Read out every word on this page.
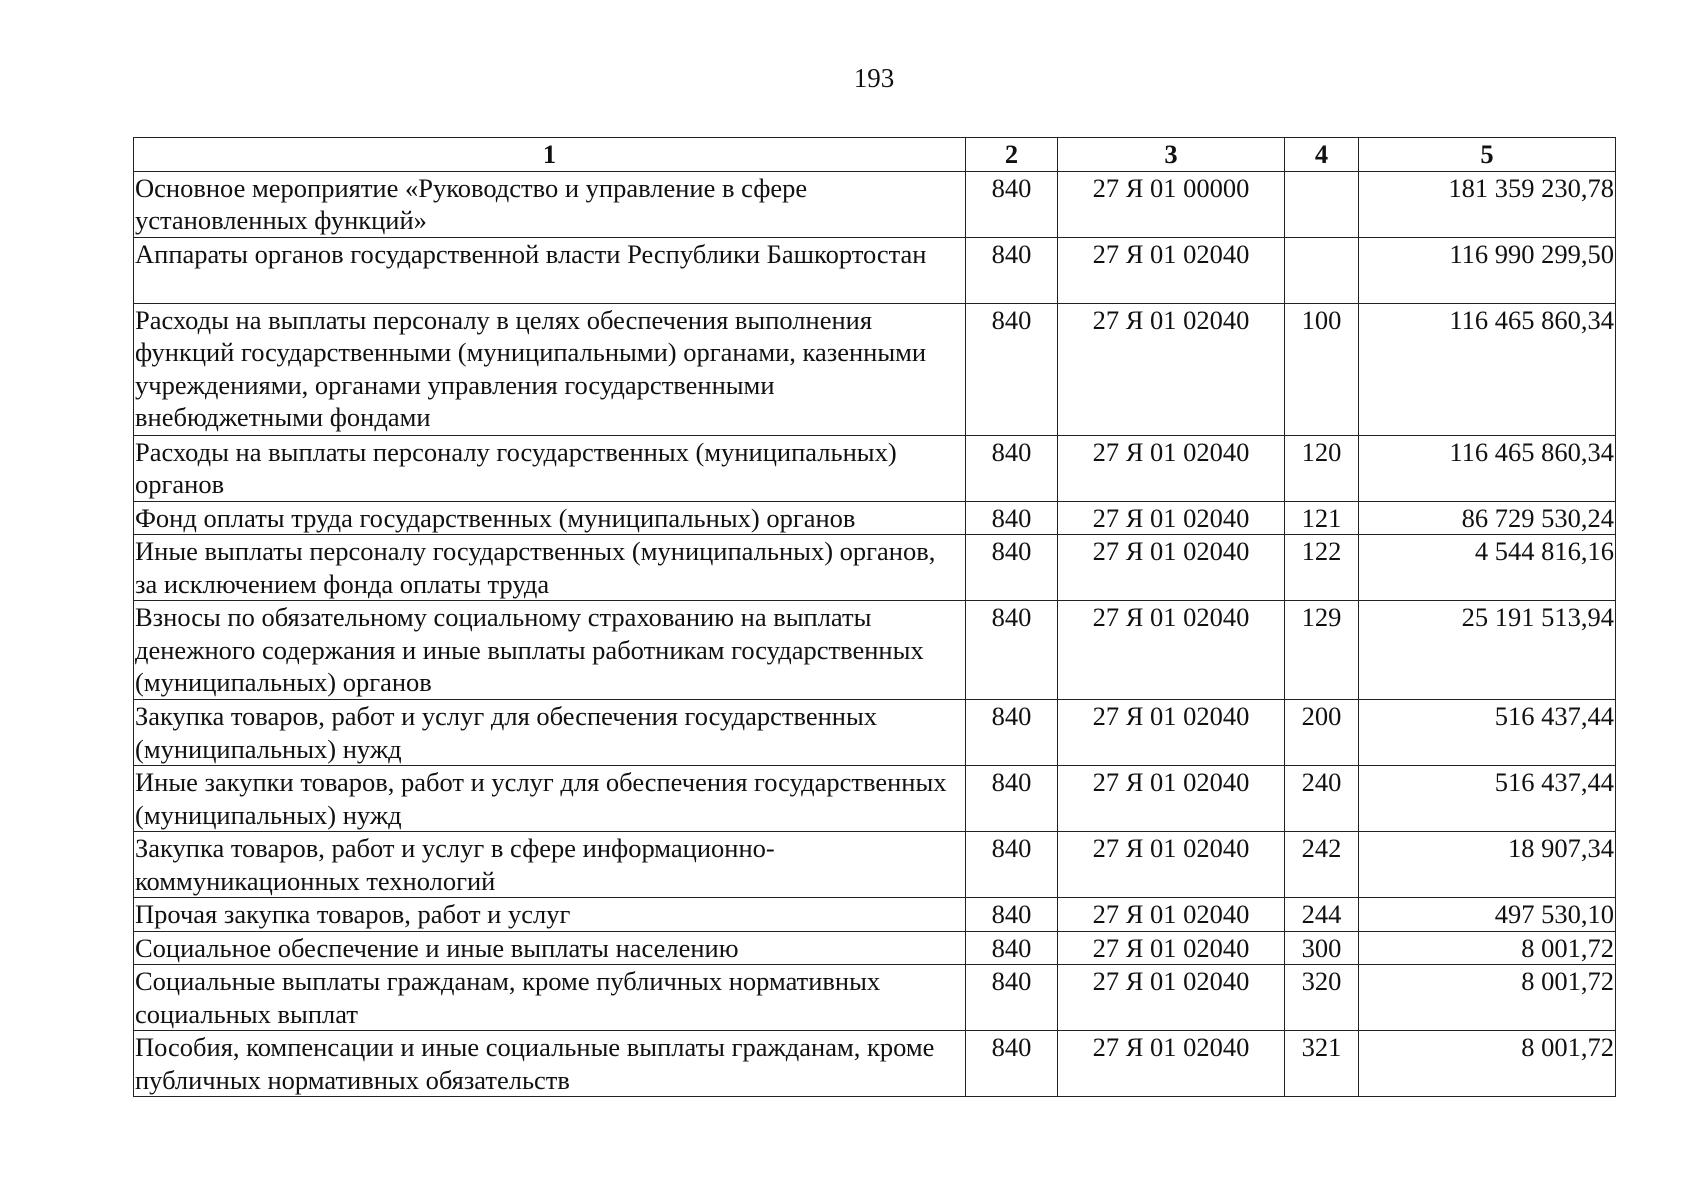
193
1	2	3	4	5
Основное мероприятие «Руководство и управление в сфере установленных функций»	840	27 Я 01 00000		181 359 230,78
Аппараты органов государственной власти Республики Башкортостан	840	27 Я 01 02040		116 990 299,50
Расходы на выплаты персоналу в целях обеспечения выполнения функций государственными (муниципальными) органами, казенными учреждениями, органами управления государственными внебюджетными фондами	840	27 Я 01 02040	100	116 465 860,34
Расходы на выплаты персоналу государственных (муниципальных) органов	840	27 Я 01 02040	120	116 465 860,34
Фонд оплаты труда государственных (муниципальных) органов	840	27 Я 01 02040	121	86 729 530,24
Иные выплаты персоналу государственных (муниципальных) органов, за исключением фонда оплаты труда	840	27 Я 01 02040	122	4 544 816,16
Взносы по обязательному социальному страхованию на выплаты денежного содержания и иные выплаты работникам государственных (муниципальных) органов	840	27 Я 01 02040	129	25 191 513,94
Закупка товаров, работ и услуг для обеспечения государственных (муниципальных) нужд	840	27 Я 01 02040	200	516 437,44
Иные закупки товаров, работ и услуг для обеспечения государственных (муниципальных) нужд	840	27 Я 01 02040	240	516 437,44
Закупка товаров, работ и услуг в сфере информационно-коммуникационных технологий	840	27 Я 01 02040	242	18 907,34
Прочая закупка товаров, работ и услуг	840	27 Я 01 02040	244	497 530,10
Социальное обеспечение и иные выплаты населению	840	27 Я 01 02040	300	8 001,72
Социальные выплаты гражданам, кроме публичных нормативных социальных выплат	840	27 Я 01 02040	320	8 001,72
Пособия, компенсации и иные социальные выплаты гражданам, кроме публичных нормативных обязательств	840	27 Я 01 02040	321	8 001,72
